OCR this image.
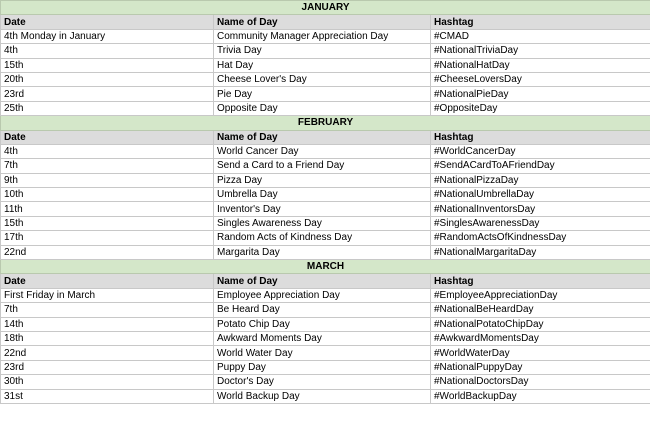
JANUARY		
Date	Name of Day	Hashtag
4th Monday in January	Community Manager Appreciation Day	#CMAD
4th	Trivia Day	#NationalTriviaDay
15th	Hat Day	#NationalHatDay
20th	Cheese Lover's Day	#CheeseLoversDay
23rd	Pie Day	#NationalPieDay
25th	Opposite Day	#OppositeDay
FEBRUARY		
Date	Name of Day	Hashtag
4th	World Cancer Day	#WorldCancerDay
7th	Send a Card to a Friend Day	#SendACardToAFriendDay
9th	Pizza Day	#NationalPizzaDay
10th	Umbrella Day	#NationalUmbrellaDay
11th	Inventor's Day	#NationalInventorsDay
15th	Singles Awareness Day	#SinglesAwarenessDay
17th	Random Acts of Kindness Day	#RandomActsOfKindnessDay
22nd	Margarita Day	#NationalMargaritaDay
MARCH		
Date	Name of Day	Hashtag
First Friday in March	Employee Appreciation Day	#EmployeeAppreciationDay
7th	Be Heard Day	#NationalBeHeardDay
14th	Potato Chip Day	#NationalPotatoChipDay
18th	Awkward Moments Day	#AwkwardMomentsDay
22nd	World Water Day	#WorldWaterDay
23rd	Puppy Day	#NationalPuppyDay
30th	Doctor's Day	#NationalDoctorsDay
31st	World Backup Day	#WorldBackupDay
